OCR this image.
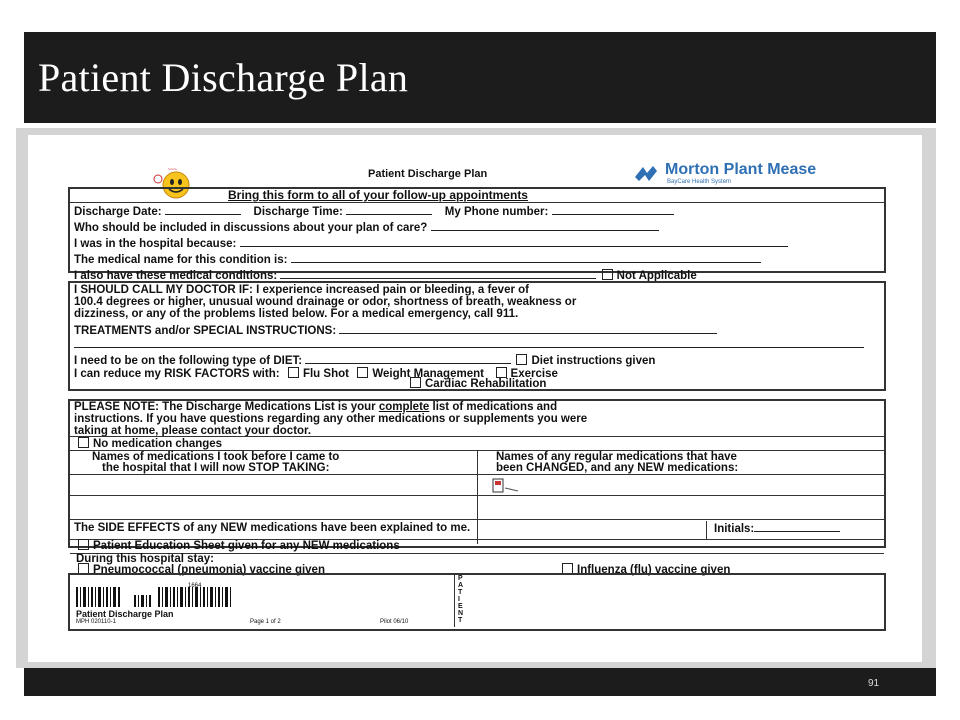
Patient Discharge Plan
~~~	Patient Discharge Plan	Morton Plant Mease
BayCare Health System
Bring this form to all of your follow-up appointments
Discharge Date:	Discharge Time:	My Phone number:
Who should be included in discussions about your plan of care?
I was in the hospital because:
The medical name for this condition is:
I also have these medical conditions:	Not Applicable
I SHOULD CALL MY DOCTOR IF: I experience increased pain or bleeding, a fever of
100.4 degrees or higher, unusual wound drainage or odor, shortness of breath, weakness or
dizziness, or any of the problems listed below. For a medical emergency, call 911.
TREATMENTS and/or SPECIAL INSTRUCTIONS:
I need to be on the following type of DIET:	Diet instructions given
I can reduce my RISK FACTORS with: Flu Shot Weight Management Exercise
Cardiac Rehabilitation
PLEASE NOTE: The Discharge Medications List is your complete list of medications and
instructions. If you have questions regarding any other medications or supplements you were
taking at home, please contact your doctor.
No medication changes
Names of medications I took before I came to
the hospital that I will now STOP TAKING:
Names of any regular medications that have
been CHANGED, and any NEW medications:
The SIDE EFFECTS of any NEW medications have been explained to me.	Initials:
Patient Education Sheet given for any NEW medications
During this hospital stay:
Pneumococcal (pneumonia) vaccine given	Influenza (flu) vaccine given
1664
Patient Discharge Plan
MPH 020110-1	Page 1 of 2	Pilot 06/10
P
A
T
I
E
N
T
91
